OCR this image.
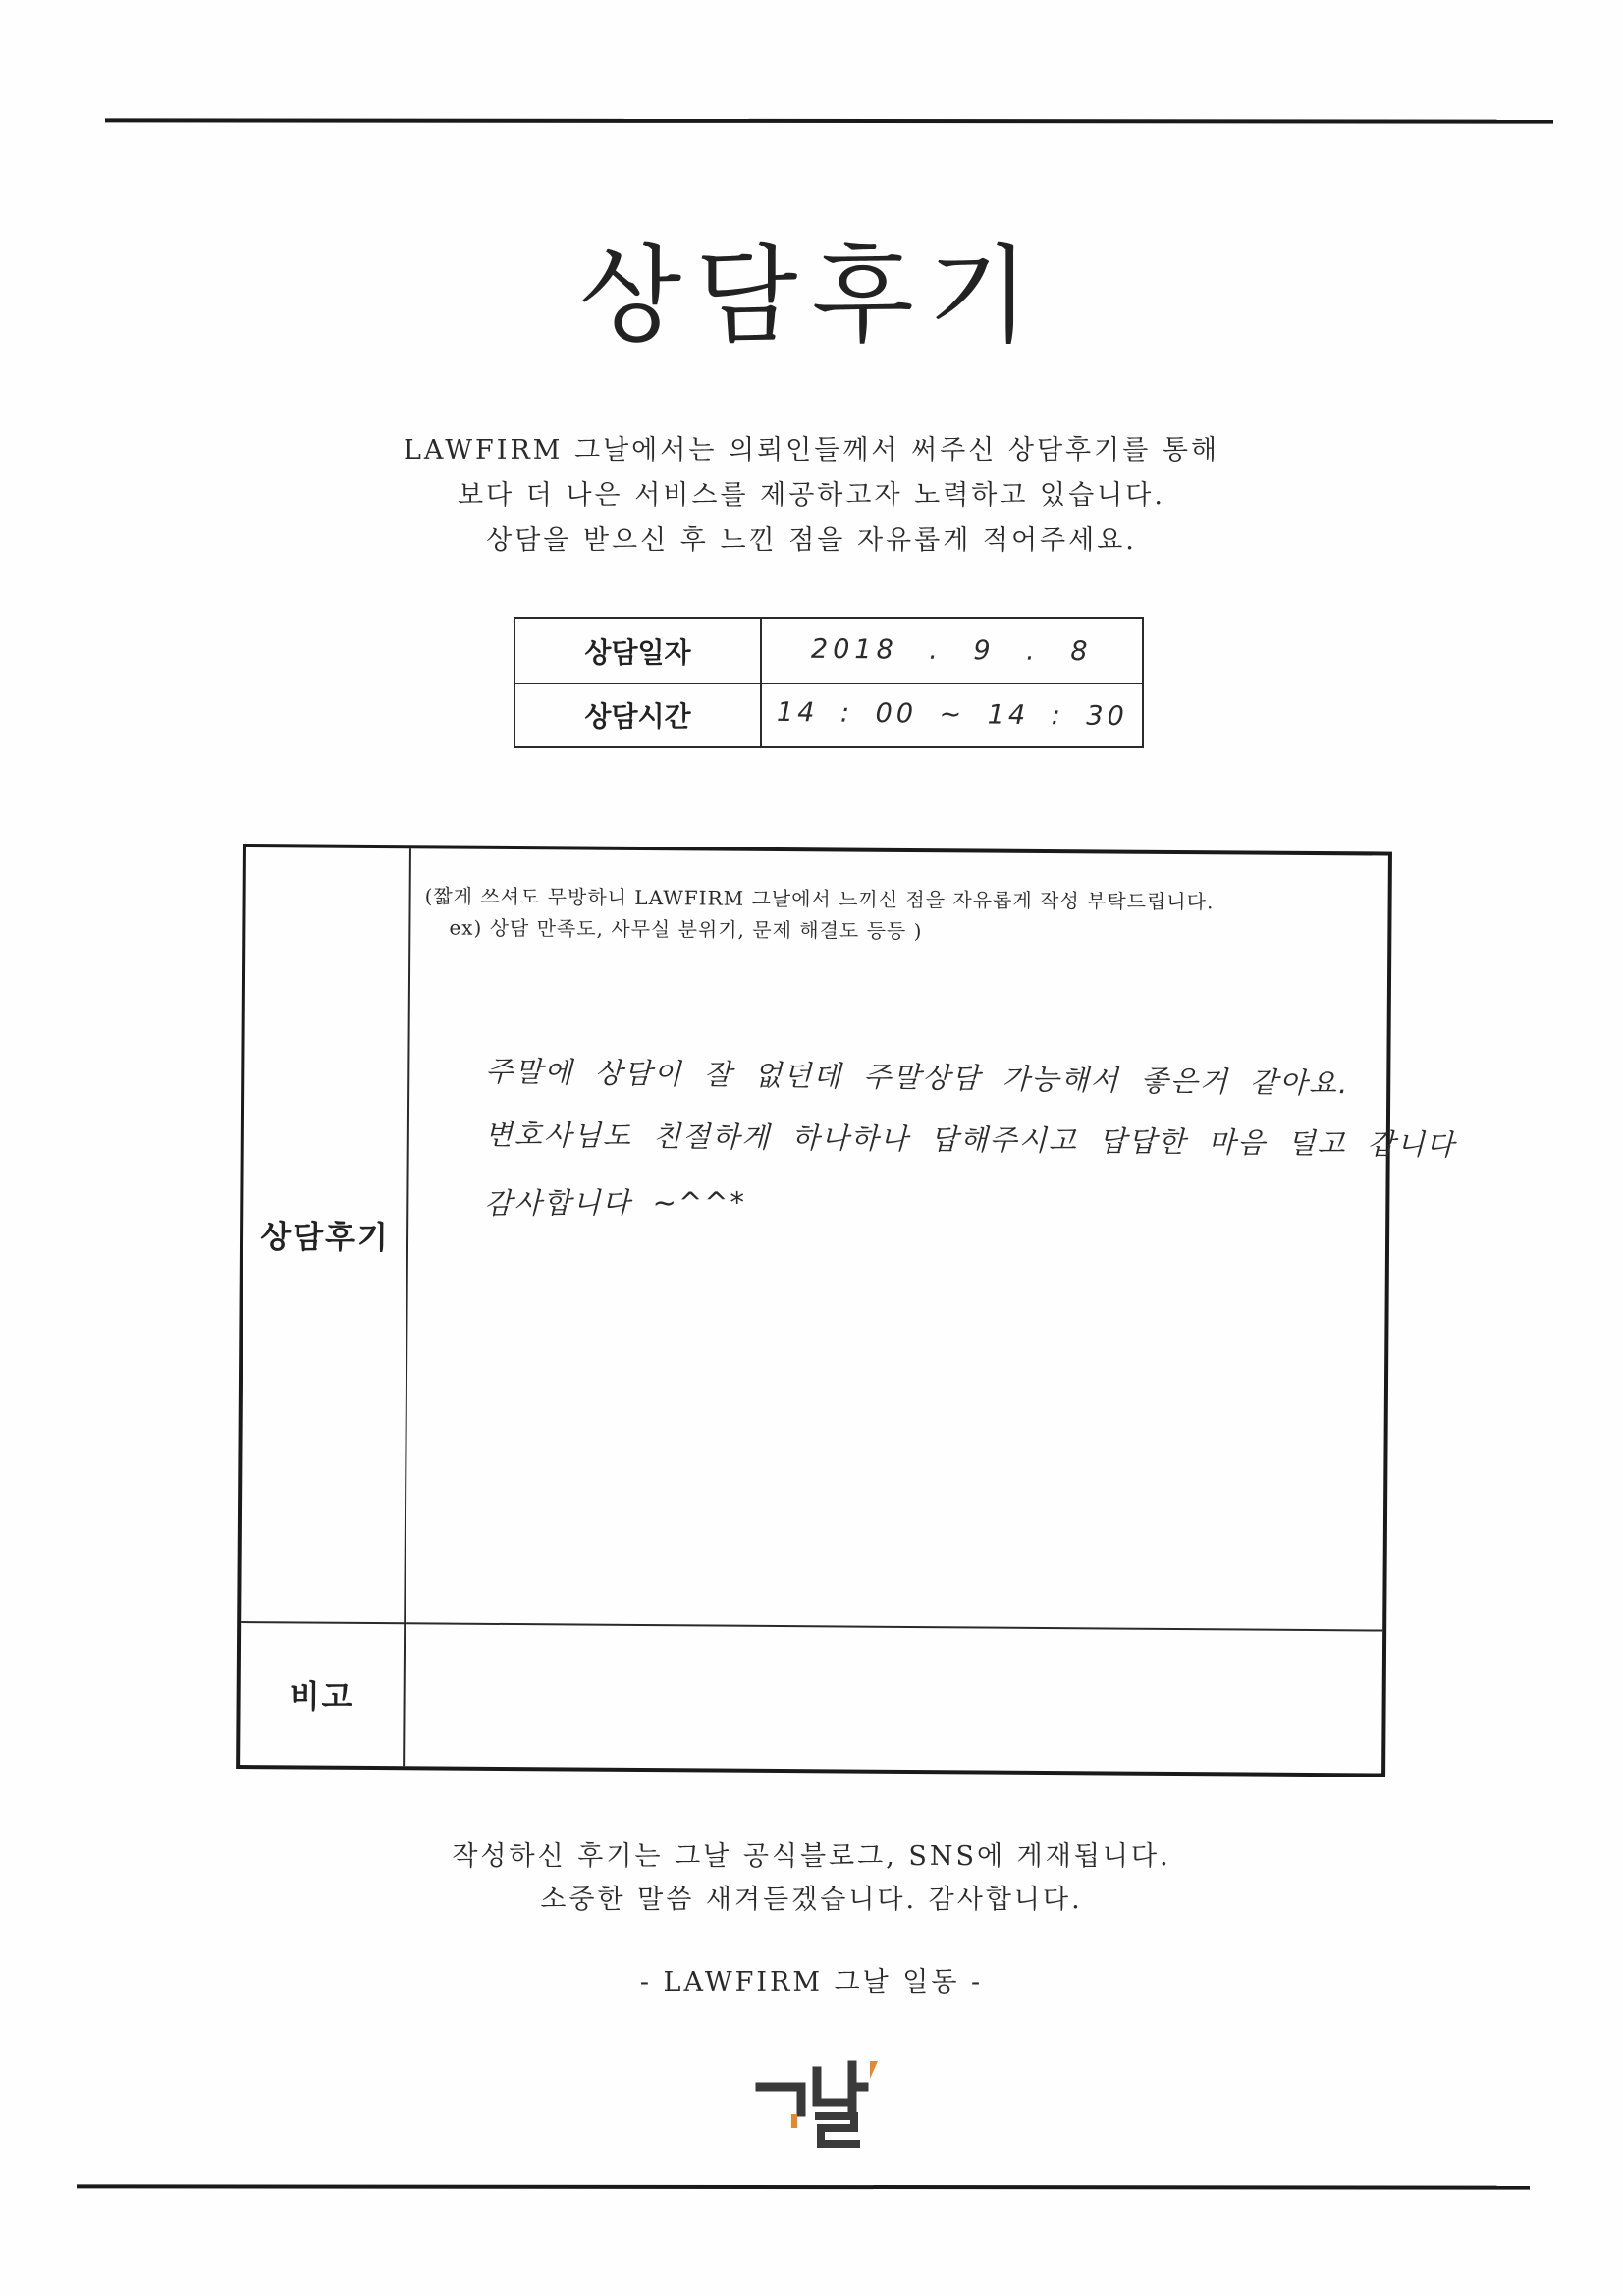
상담후기
LAWFIRM 그날에서는 의뢰인들께서 써주신 상담후기를 통해
보다 더 나은 서비스를 제공하고자 노력하고 있습니다.
상담을 받으신 후 느낀 점을 자유롭게 적어주세요.
상담일자	2018 . 9 . 8
상담시간	14 : 00 ~ 14 : 30
상담후기
(짧게 쓰셔도 무방하니 LAWFIRM 그날에서 느끼신 점을 자유롭게 작성 부탁드립니다.
ex) 상담 만족도, 사무실 분위기, 문제 해결도 등등 )
주말에 상담이 잘 없던데 주말상담 가능해서 좋은거 같아요.
변호사님도 친절하게 하나하나 답해주시고 답답한 마음 덜고 갑니다
감사합니다 ~^^*
비고
작성하신 후기는 그날 공식블로그, SNS에 게재됩니다.
소중한 말씀 새겨듣겠습니다. 감사합니다.
- LAWFIRM 그날 일동 -
